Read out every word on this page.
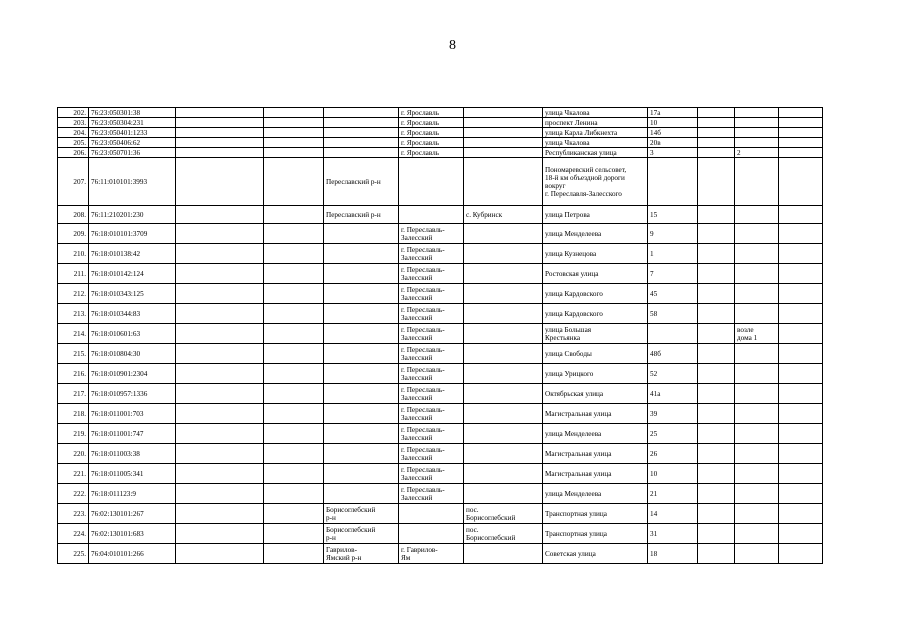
8
202.	76:23:050301:38				г. Ярославль		улица Чкалова	17а			
203.	76:23:050304:231				г. Ярославль		проспект Ленина	10			
204.	76:23:050401:1233				г. Ярославль		улица Карла Либкнехта	14б			
205.	76:23:050406:62				г. Ярославль		улица Чкалова	20в			
206.	76:23:050701:36				г. Ярославль		Республиканская улица	3		2	
207.	76:11:010101:3993			Переславский р-н			Пономаревский сельсовет,
18-й км объездной дороги вокруг
г. Переславля-Залесского				
208.	76:11:210201:230			Переславский р-н		с. Кубринск	улица Петрова	15			
209.	76:18:010101:3709				г. Переславль-
Залесский		улица Менделеева	9			
210.	76:18:010138:42				г. Переславль-
Залесский		улица Кузнецова	1			
211.	76:18:010142:124				г. Переславль-
Залесский		Ростовская улица	7			
212.	76:18:010343:125				г. Переславль-
Залесский		улица Кардовского	45			
213.	76:18:010344:83				г. Переславль-
Залесский		улица Кардовского	58			
214.	76:18:010601:63				г. Переславль-
Залесский		улица Большая
Крестьянка			возле
дома 1	
215.	76:18:010804:30				г. Переславль-
Залесский		улица Свободы	48б			
216.	76:18:010901:2304				г. Переславль-
Залесский		улица Урицкого	52			
217.	76:18:010957:1336				г. Переславль-
Залесский		Октябрьская улица	41а			
218.	76:18:011001:703				г. Переславль-
Залесский		Магистральная улица	39			
219.	76:18:011001:747				г. Переславль-
Залесский		улица Менделеева	25			
220.	76:18:011003:38				г. Переславль-
Залесский		Магистральная улица	26			
221.	76:18:011005:341				г. Переславль-
Залесский		Магистральная улица	10			
222.	76:18:011123:9				г. Переславль-
Залесский		улица Менделеева	21			
223.	76:02:130101:267			Борисоглебский
р-н		пос.
Борисоглебский	Транспортная улица	14			
224.	76:02:130101:683			Борисоглебский
р-н		пос.
Борисоглебский	Транспортная улица	31			
225.	76:04:010101:266			Гаврилов-
Ямский р-н	г. Гаврилов-
Ям		Советская улица	18			
